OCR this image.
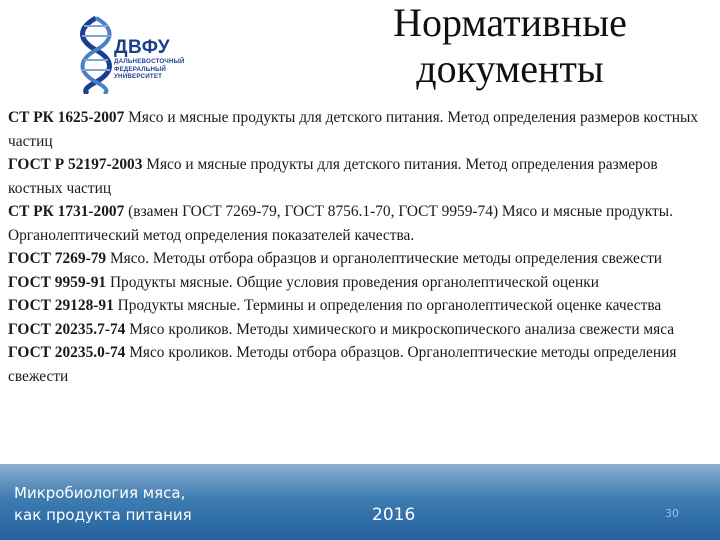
ДВФУ
ДАЛЬНЕВОСТОЧНЫЙ
ФЕДЕРАЛЬНЫЙ
УНИВЕРСИТЕТ
Нормативные
документы

СТ РК 1625-2007 Мясо и мясные продукты для детского питания. Метод определения размеров костных частиц

ГОСТ Р 52197-2003 Мясо и мясные продукты для детского питания. Метод определения размеров костных частиц

СТ РК 1731-2007 (взамен ГОСТ 7269-79, ГОСТ 8756.1-70, ГОСТ 9959-74) Мясо и мясные продукты. Органолептический метод определения показателей качества.

ГОСТ 7269-79 Мясо. Методы отбора образцов и органолептические методы определения свежести

ГОСТ 9959-91 Продукты мясные. Общие условия проведения органолептической оценки

ГОСТ 29128-91 Продукты мясные. Термины и определения по органолептической оценке качества

ГОСТ 20235.7-74 Мясо кроликов. Методы химического и микроскопического анализа свежести мяса

ГОСТ 20235.0-74 Мясо кроликов. Методы отбора образцов. Органолептические методы определения свежести

Микробиология мяса,
как продукта питания	2016	30
